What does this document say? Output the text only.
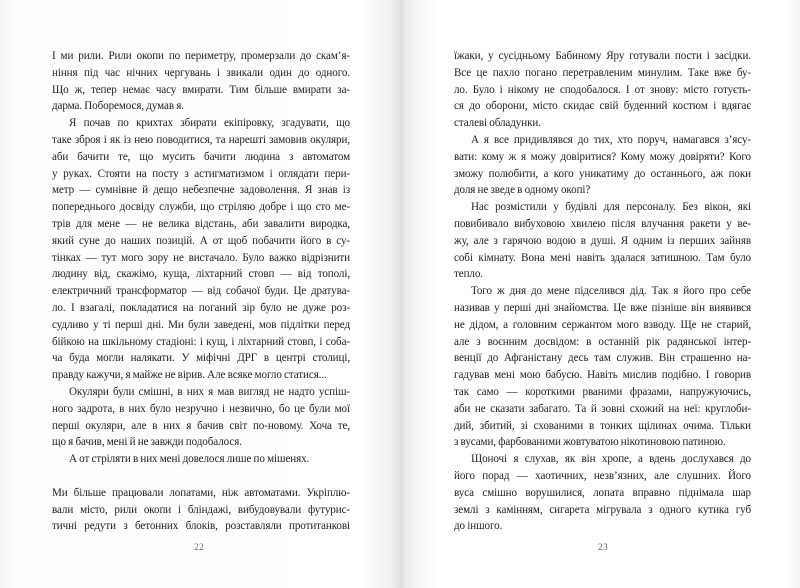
І ми рили. Рили окопи по периметру, промерзали до скам’я-
ніння під час нічних чергувань і звикали один до одного.
Що ж, тепер немає часу вмирати. Тим більше вмирати за-
дарма. Поборемося, думав я.
Я почав по крихтах збирати екіпіровку, згадувати, що
таке зброя і як із нею поводитися, та нарешті замовив окуляри,
аби бачити те, що мусить бачити людина з автоматом
у руках. Стояти на посту з астигматизмом і оглядати пери-
метр — сумнівне й дещо небезпечне задоволення. Я знав із
попереднього досвіду служби, що стріляю добре і що сто ме-
трів для мене — не велика відстань, аби завалити виродка,
який суне до наших позицій. А от щоб побачити його в су-
тінках — тут мого зору не вистачало. Було важко відрізнити
людину від, скажімо, куща, ліхтарний стовп — від тополі,
електричний трансформатор — від собачої буди. Це дратува-
ло. І взагалі, покладатися на поганий зір було не дуже роз-
судливо у ті перші дні. Ми були заведені, мов підлітки перед
бійкою на шкільному стадіоні: і кущ, і ліхтарний стовп, і соба-
ча буда могли налякати. У міфічні ДРГ в центрі столиці,
правду кажучи, я майже не вірив. Але всяке могло статися...
Окуляри були смішні, в них я мав вигляд не надто успіш-
ного задрота, в них було незручно і незвично, бо це були мої
перші окуляри, але в них я бачив світ по-новому. Хоча те,
що я бачив, мені й не завжди подобалося.
А от стріляти в них мені довелося лише по мішенях.
Ми більше працювали лопатами, ніж автоматами. Укріплю-
вали місто, рили окопи і бліндажі, вибудовували футурис-
тичні редути з бетонних блоків, розставляли протитанкові
22
їжаки, у сусідньому Бабиному Яру готували пости і засідки.
Все це пахло погано перетравленим минулим. Таке вже бу-
ло. Було і нікому не сподобалося. І от знову: місто готуєть-
ся до оборони, місто скидає свій буденний костюм і вдягає
сталеві обладунки.
А я все придивлявся до тих, хто поруч, намагався з’ясу-
вати: кому ж я можу довіритися? Кому можу довіряти? Кого
зможу полюбити, а кого уникатиму до останнього, аж поки
доля не зведе в одному окопі?
Нас розмістили у будівлі для персоналу. Без вікон, які
повибивало вибуховою хвилею після влучання ракети у ве-
жу, але з гарячою водою в душі. Я одним із перших зайняв
собі кімнату. Вона мені навіть здалася затишною. Там було
тепло.
Того ж дня до мене підселився дід. Так я його про себе
називав у перші дні знайомства. Це вже пізніше він виявився
не дідом, а головним сержантом мого взводу. Ще не старий,
але з воєнним досвідом: в останній рік радянської інтер-
венції до Афганістану десь там служив. Він страшенно на-
гадував мені мою бабусю. Навіть мислив подібно. І говорив
так само — короткими рваними фразами, напружуючись,
аби не сказати забагато. Та й зовні схожий на неї: круглоби-
дий, збитий, зі схованими в тонких щілинах очима. Тільки
з вусами, фарбованими жовтуватою нікотиновою патиною.
Щоночі я слухав, як він хропе, а вдень дослухався до
його порад — хаотичних, незв’язних, але слушних. Його
вуса смішно ворушилися, лопата вправно піднімала шар
землі з камінням, сигарета мігрувала з одного кутика губ
до іншого.
23
